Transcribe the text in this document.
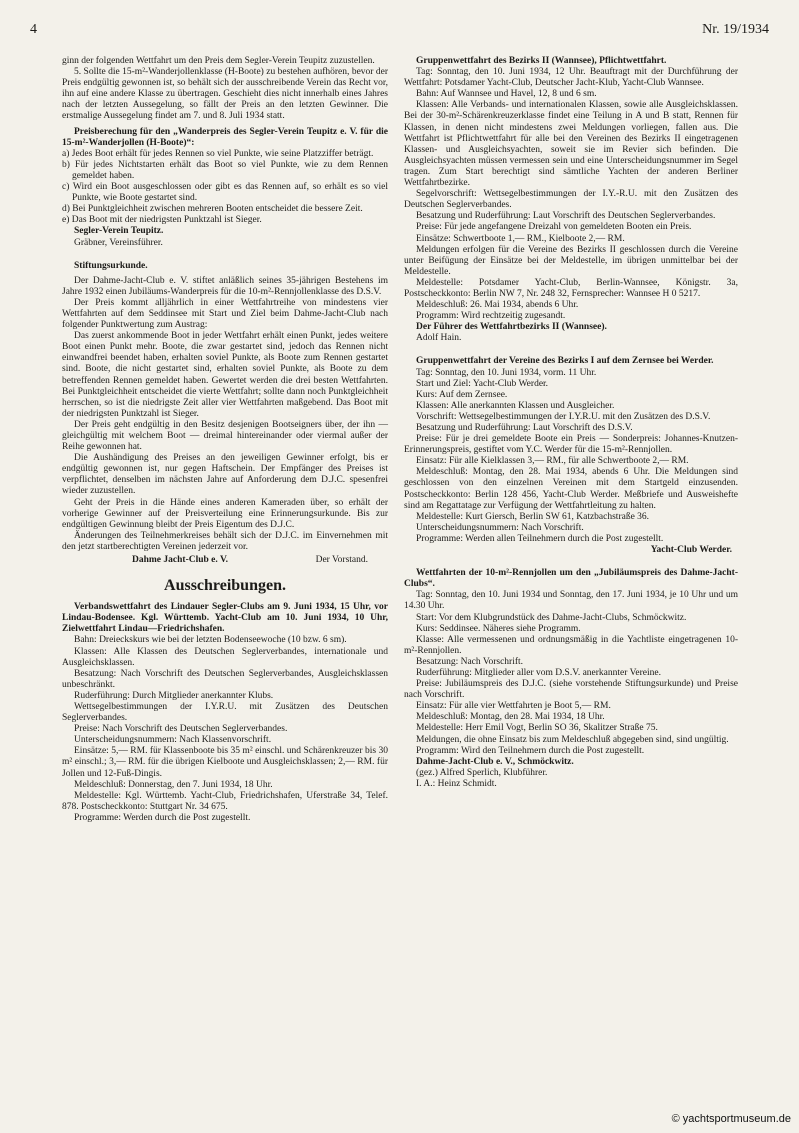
4	Nr. 19/1934

ginn der folgenden Wettfahrt um den Preis dem Segler-Verein Teupitz zuzustellen.

5. Sollte die 15-m²-Wanderjollenklasse (H-Boote) zu bestehen aufhören, bevor der Preis endgültig gewonnen ist, so behält sich der ausschreibende Verein das Recht vor, ihn auf eine andere Klasse zu übertragen. Geschieht dies nicht innerhalb eines Jahres nach der letzten Aussegelung, so fällt der Preis an den letzten Gewinner. Die erstmalige Aussegelung findet am 7. und 8. Juli 1934 statt.

Preisberechung für den „Wanderpreis des Segler-Verein Teupitz e. V. für die 15-m²-Wanderjollen (H-Boote)“:

a) Jedes Boot erhält für jedes Rennen so viel Punkte, wie seine Platzziffer beträgt.

b) Für jedes Nichtstarten erhält das Boot so viel Punkte, wie zu dem Rennen gemeldet haben.

c) Wird ein Boot ausgeschlossen oder gibt es das Rennen auf, so erhält es so viel Punkte, wie Boote gestartet sind.

d) Bei Punktgleichheit zwischen mehreren Booten entscheidet die bessere Zeit.

e) Das Boot mit der niedrigsten Punktzahl ist Sieger.

Segler-Verein Teupitz.

Gräbner, Vereinsführer.

Stiftungsurkunde.

Der Dahme-Jacht-Club e. V. stiftet anläßlich seines 35-jährigen Bestehens im Jahre 1932 einen Jubiläums-Wanderpreis für die 10-m²-Rennjollenklasse des D.S.V.

Der Preis kommt alljährlich in einer Wettfahrtreihe von mindestens vier Wettfahrten auf dem Seddinsee mit Start und Ziel beim Dahme-Jacht-Club nach folgender Punktwertung zum Austrag:

Das zuerst ankommende Boot in jeder Wettfahrt erhält einen Punkt, jedes weitere Boot einen Punkt mehr. Boote, die zwar gestartet sind, jedoch das Rennen nicht einwandfrei beendet haben, erhalten soviel Punkte, als Boote zum Rennen gestartet sind. Boote, die nicht gestartet sind, erhalten soviel Punkte, als Boote zu dem betreffenden Rennen gemeldet haben. Gewertet werden die drei besten Wettfahrten. Bei Punktgleichheit entscheidet die vierte Wettfahrt; sollte dann noch Punktgleichheit herrschen, so ist die niedrigste Zeit aller vier Wettfahrten maßgebend. Das Boot mit der niedrigsten Punktzahl ist Sieger.

Der Preis geht endgültig in den Besitz desjenigen Bootseigners über, der ihn — gleichgültig mit welchem Boot — dreimal hintereinander oder viermal außer der Reihe gewonnen hat.

Die Aushändigung des Preises an den jeweiligen Gewinner erfolgt, bis er endgültig gewonnen ist, nur gegen Haftschein. Der Empfänger des Preises ist verpflichtet, denselben im nächsten Jahre auf Anforderung dem D.J.C. spesenfrei wieder zuzustellen.

Geht der Preis in die Hände eines anderen Kameraden über, so erhält der vorherige Gewinner auf der Preisverteilung eine Erinnerungsurkunde. Bis zur endgültigen Gewinnung bleibt der Preis Eigentum des D.J.C.

Änderungen des Teilnehmerkreises behält sich der D.J.C. im Einvernehmen mit den jetzt startberechtigten Vereinen jederzeit vor.

Dahme Jacht-Club e. V.	Der Vorstand.
Ausschreibungen.

Verbandswettfahrt des Lindauer Segler-Clubs am 9. Juni 1934, 15 Uhr, vor Lindau-Bodensee. Kgl. Württemb. Yacht-Club am 10. Juni 1934, 10 Uhr, Zielwettfahrt Lindau—Friedrichshafen.

Bahn: Dreieckskurs wie bei der letzten Bodenseewoche (10 bzw. 6 sm).

Klassen: Alle Klassen des Deutschen Seglerverbandes, internationale und Ausgleichsklassen.

Besatzung: Nach Vorschrift des Deutschen Seglerverbandes, Ausgleichsklassen unbeschränkt.

Ruderführung: Durch Mitglieder anerkannter Klubs.

Wettsegelbestimmungen der I.Y.R.U. mit Zusätzen des Deutschen Seglerverbandes.

Preise: Nach Vorschrift des Deutschen Seglerverbandes.

Unterscheidungsnummern: Nach Klassenvorschrift.

Einsätze: 5,— RM. für Klassenboote bis 35 m² einschl. und Schärenkreuzer bis 30 m² einschl.; 3,— RM. für die übrigen Kielboote und Ausgleichsklassen; 2,— RM. für Jollen und 12-Fuß-Dingis.

Meldeschluß: Donnerstag, den 7. Juni 1934, 18 Uhr.

Meldestelle: Kgl. Württemb. Yacht-Club, Friedrichshafen, Uferstraße 34, Telef. 878. Postscheckkonto: Stuttgart Nr. 34 675.

Programme: Werden durch die Post zugestellt.

Gruppenwettfahrt des Bezirks II (Wannsee), Pflichtwettfahrt.

Tag: Sonntag, den 10. Juni 1934, 12 Uhr. Beauftragt mit der Durchführung der Wettfahrt: Potsdamer Yacht-Club, Deutscher Jacht-Klub, Yacht-Club Wannsee.

Bahn: Auf Wannsee und Havel, 12, 8 und 6 sm.

Klassen: Alle Verbands- und internationalen Klassen, sowie alle Ausgleichsklassen. Bei der 30-m²-Schärenkreuzerklasse findet eine Teilung in A und B statt, Rennen für Klassen, in denen nicht mindestens zwei Meldungen vorliegen, fallen aus. Die Wettfahrt ist Pflichtwettfahrt für alle bei den Vereinen des Bezirks II eingetragenen Klassen- und Ausgleichsyachten, soweit sie im Revier sich befinden. Die Ausgleichsyachten müssen vermessen sein und eine Unterscheidungsnummer im Segel tragen. Zum Start berechtigt sind sämtliche Yachten der anderen Berliner Wettfahrtbezirke.

Segelvorschrift: Wettsegelbestimmungen der I.Y.-R.U. mit den Zusätzen des Deutschen Seglerverbandes.

Besatzung und Ruderführung: Laut Vorschrift des Deutschen Seglerverbandes.

Preise: Für jede angefangene Dreizahl von gemeldeten Booten ein Preis.

Einsätze: Schwertboote 1,— RM., Kielboote 2,— RM.

Meldungen erfolgen für die Vereine des Bezirks II geschlossen durch die Vereine unter Beifügung der Einsätze bei der Meldestelle, im übrigen unmittelbar bei der Meldestelle.

Meldestelle: Potsdamer Yacht-Club, Berlin-Wannsee, Königstr. 3a, Postscheckkonto: Berlin NW 7, Nr. 248 32, Fernsprecher: Wannsee H 0 5217.

Meldeschluß: 26. Mai 1934, abends 6 Uhr.

Programm: Wird rechtzeitig zugesandt.

Der Führer des Wettfahrtbezirks II (Wannsee).

Adolf Hain.

Gruppenwettfahrt der Vereine des Bezirks I auf dem Zernsee bei Werder.

Tag: Sonntag, den 10. Juni 1934, vorm. 11 Uhr.

Start und Ziel: Yacht-Club Werder.

Kurs: Auf dem Zernsee.

Klassen: Alle anerkannten Klassen und Ausgleicher.

Vorschrift: Wettsegelbestimmungen der I.Y.R.U. mit den Zusätzen des D.S.V.

Besatzung und Ruderführung: Laut Vorschrift des D.S.V.

Preise: Für je drei gemeldete Boote ein Preis — Sonderpreis: Johannes-Knutzen-Erinnerungspreis, gestiftet vom Y.C. Werder für die 15-m²-Rennjollen.

Einsatz: Für alle Kielklassen 3,— RM., für alle Schwertboote 2,— RM.

Meldeschluß: Montag, den 28. Mai 1934, abends 6 Uhr. Die Meldungen sind geschlossen von den einzelnen Vereinen mit dem Startgeld einzusenden. Postscheckkonto: Berlin 128 456, Yacht-Club Werder. Meßbriefe und Ausweishefte sind am Regattatage zur Verfügung der Wettfahrtleitung zu halten.

Meldestelle: Kurt Giersch, Berlin SW 61, Katzbachstraße 36.

Unterscheidungsnummern: Nach Vorschrift.

Programme: Werden allen Teilnehmern durch die Post zugestellt.

Yacht-Club Werder.

Wettfahrten der 10-m²-Rennjollen um den „Jubiläumspreis des Dahme-Jacht-Clubs“.

Tag: Sonntag, den 10. Juni 1934 und Sonntag, den 17. Juni 1934, je 10 Uhr und um 14.30 Uhr.

Start: Vor dem Klubgrundstück des Dahme-Jacht-Clubs, Schmöckwitz.

Kurs: Seddinsee. Näheres siehe Programm.

Klasse: Alle vermessenen und ordnungsmäßig in die Yachtliste eingetragenen 10-m²-Rennjollen.

Besatzung: Nach Vorschrift.

Ruderführung: Mitglieder aller vom D.S.V. anerkannter Vereine.

Preise: Jubiläumspreis des D.J.C. (siehe vorstehende Stiftungsurkunde) und Preise nach Vorschrift.

Einsatz: Für alle vier Wettfahrten je Boot 5,— RM.

Meldeschluß: Montag, den 28. Mai 1934, 18 Uhr.

Meldestelle: Herr Emil Vogt, Berlin SO 36, Skalitzer Straße 75.

Meldungen, die ohne Einsatz bis zum Meldeschluß abgegeben sind, sind ungültig.

Programm: Wird den Teilnehmern durch die Post zugestellt.

Dahme-Jacht-Club e. V., Schmöckwitz.

(gez.) Alfred Sperlich, Klubführer.

I. A.: Heinz Schmidt.

© yachtsportmuseum.de
